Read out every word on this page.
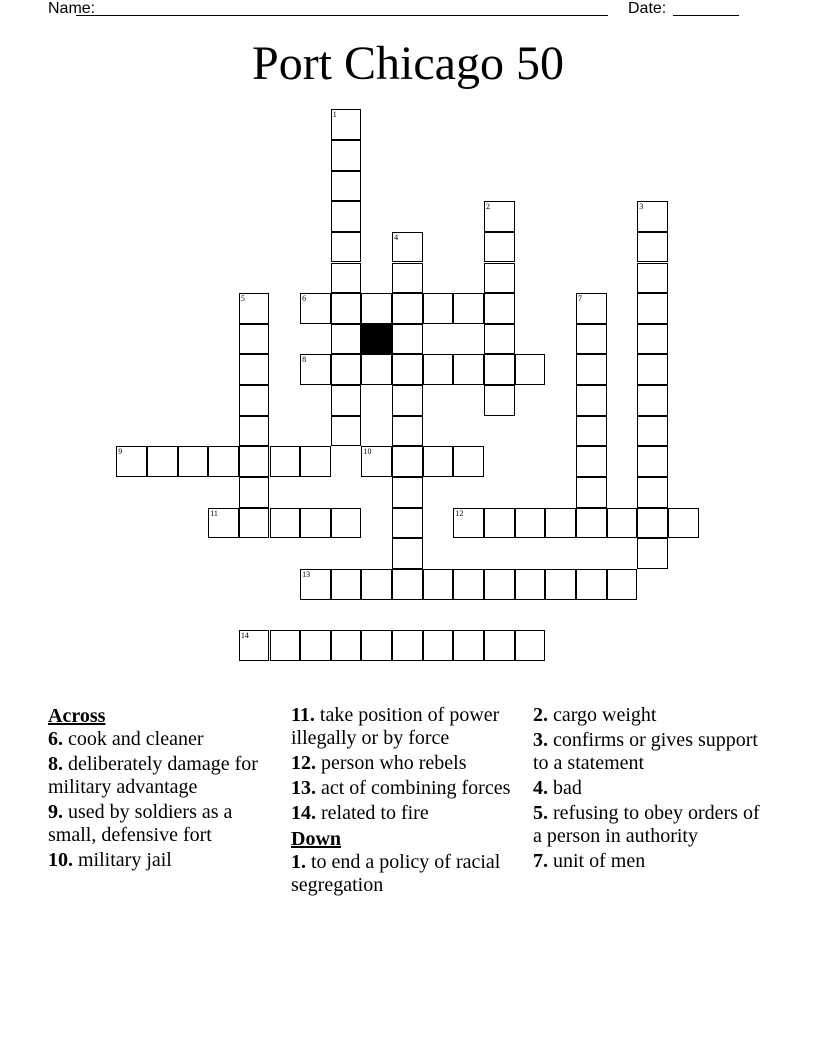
Name:	Date:
Port Chicago 50
1
2	3
4
5	6	7
8
9	10
11	12
13
14
Across

6. cook and cleaner

8. deliberately damage for military advantage

9. used by soldiers as a small, defensive fort

10. military jail

11. take position of power illegally or by force

12. person who rebels

13. act of combining forces

14. related to fire

Down

1. to end a policy of racial segregation

2. cargo weight

3. confirms or gives support to a statement

4. bad

5. refusing to obey orders of a person in authority

7. unit of men
